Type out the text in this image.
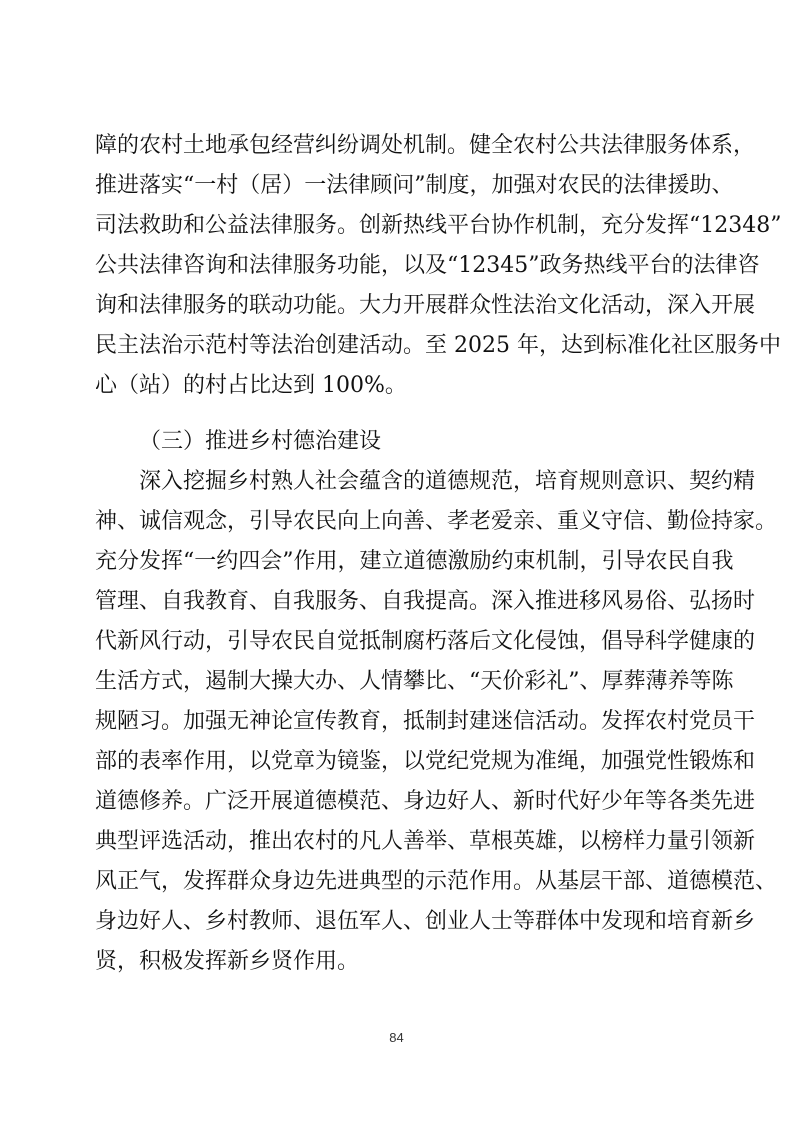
障的农村土地承包经营纠纷调处机制。健全农村公共法律服务体系，
推进落实“一村（居）一法律顾问”制度，加强对农民的法律援助、
司法救助和公益法律服务。创新热线平台协作机制，充分发挥“12348”
公共法律咨询和法律服务功能，以及“12345”政务热线平台的法律咨
询和法律服务的联动功能。大力开展群众性法治文化活动，深入开展
民主法治示范村等法治创建活动。至 2025 年，达到标准化社区服务中
心（站）的村占比达到 100%。
（三）推进乡村德治建设
深入挖掘乡村熟人社会蕴含的道德规范，培育规则意识、契约精
神、诚信观念，引导农民向上向善、孝老爱亲、重义守信、勤俭持家。
充分发挥“一约四会”作用，建立道德激励约束机制，引导农民自我
管理、自我教育、自我服务、自我提高。深入推进移风易俗、弘扬时
代新风行动，引导农民自觉抵制腐朽落后文化侵蚀，倡导科学健康的
生活方式，遏制大操大办、人情攀比、“天价彩礼”、厚葬薄养等陈
规陋习。加强无神论宣传教育，抵制封建迷信活动。发挥农村党员干
部的表率作用，以党章为镜鉴，以党纪党规为准绳，加强党性锻炼和
道德修养。广泛开展道德模范、身边好人、新时代好少年等各类先进
典型评选活动，推出农村的凡人善举、草根英雄，以榜样力量引领新
风正气，发挥群众身边先进典型的示范作用。从基层干部、道德模范、
身边好人、乡村教师、退伍军人、创业人士等群体中发现和培育新乡
贤，积极发挥新乡贤作用。
84
